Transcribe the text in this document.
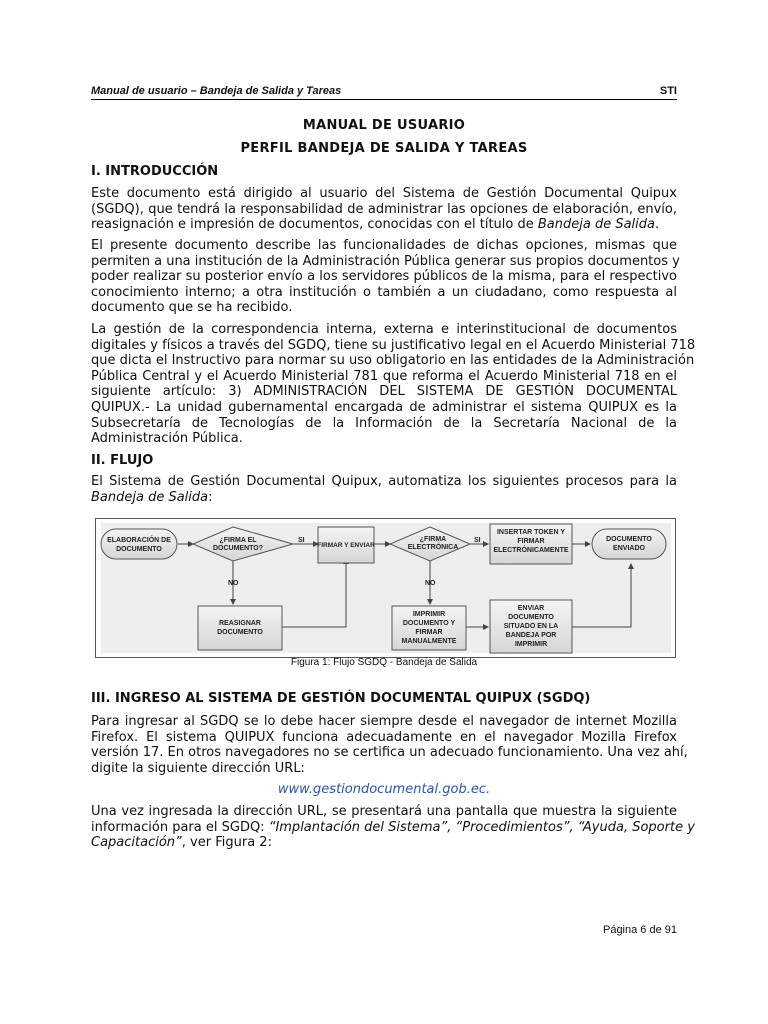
Manual de usuario – Bandeja de Salida y Tareas	STI
MANUAL DE USUARIO
PERFIL BANDEJA DE SALIDA Y TAREAS
I. INTRODUCCIÓN
Este documento está dirigido al usuario del Sistema de Gestión Documental Quipux
(SGDQ), que tendrá la responsabilidad de administrar las opciones de elaboración, envío,
reasignación e impresión de documentos, conocidas con el título de Bandeja de Salida.
El presente documento describe las funcionalidades de dichas opciones, mismas que
permiten a una institución de la Administración Pública generar sus propios documentos y
poder realizar su posterior envío a los servidores públicos de la misma, para el respectivo
conocimiento interno; a otra institución o también a un ciudadano, como respuesta al
documento que se ha recibido.
La gestión de la correspondencia interna, externa e interinstitucional de documentos
digitales y físicos a través del SGDQ, tiene su justificativo legal en el Acuerdo Ministerial 718
que dicta el Instructivo para normar su uso obligatorio en las entidades de la Administración
Pública Central y el Acuerdo Ministerial 781 que reforma el Acuerdo Ministerial 718 en el
siguiente artículo: 3) ADMINISTRACIÓN DEL SISTEMA DE GESTIÓN DOCUMENTAL
QUIPUX.- La unidad gubernamental encargada de administrar el sistema QUIPUX es la
Subsecretaría de Tecnologías de la Información de la Secretaría Nacional de la
Administración Pública.
II. FLUJO
El Sistema de Gestión Documental Quipux, automatiza los siguientes procesos para la
Bandeja de Salida:
ELABORACIÓN DE
DOCUMENTO
¿FIRMA EL
DOCUMENTO?
SI
NO
FIRMAR Y ENVIAR
¿FIRMA
ELECTRÓNICA
SI
NO
INSERTAR TOKEN Y
FIRMAR
ELECTRÓNICAMENTE
DOCUMENTO
ENVIADO
REASIGNAR
DOCUMENTO
IMPRIMIR
DOCUMENTO Y
FIRMAR
MANUALMENTE
ENVIAR
DOCUMENTO
SITUADO EN LA
BANDEJA POR
IMPRIMIR
Figura 1: Flujo SGDQ - Bandeja de Salida
III. INGRESO AL SISTEMA DE GESTIÓN DOCUMENTAL QUIPUX (SGDQ)
Para ingresar al SGDQ se lo debe hacer siempre desde el navegador de internet Mozilla
Firefox. El sistema QUIPUX funciona adecuadamente en el navegador Mozilla Firefox
versión 17. En otros navegadores no se certifica un adecuado funcionamiento. Una vez ahí,
digite la siguiente dirección URL:
www.gestiondocumental.gob.ec.
Una vez ingresada la dirección URL, se presentará una pantalla que muestra la siguiente
información para el SGDQ: “Implantación del Sistema”, “Procedimientos”, “Ayuda, Soporte y
Capacitación”, ver Figura 2:
Página 6 de 91
